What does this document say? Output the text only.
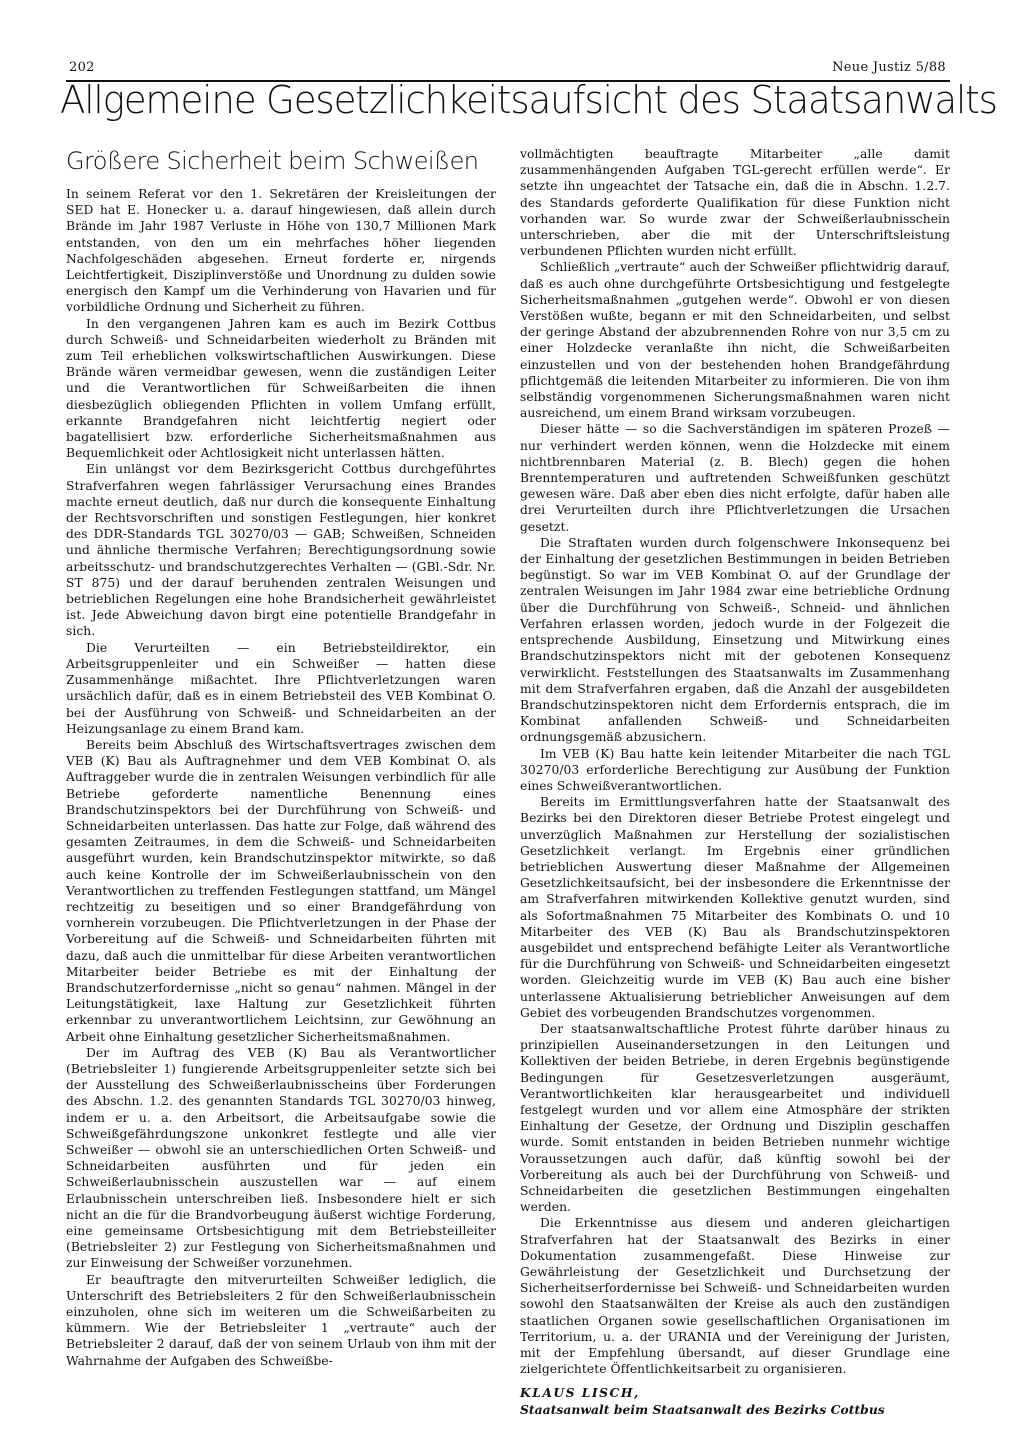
202	Neue Justiz 5/88
Allgemeine Gesetzlichkeitsaufsicht des Staatsanwalts
Größere Sicherheit beim Schweißen

In seinem Referat vor den 1. Sekretären der Kreisleitungen der SED hat E. Honecker u. a. darauf hingewiesen, daß allein durch Brände im Jahr 1987 Verluste in Höhe von 130,7 Millionen Mark entstanden, von den um ein mehrfaches höher liegenden Nachfolgeschäden abgesehen. Erneut forderte er, nirgends Leichtfertigkeit, Disziplinverstöße und Unordnung zu dulden sowie energisch den Kampf um die Verhinderung von Havarien und für vorbildliche Ordnung und Sicherheit zu führen.

In den vergangenen Jahren kam es auch im Bezirk Cottbus durch Schweiß- und Schneidarbeiten wiederholt zu Bränden mit zum Teil erheblichen volkswirtschaftlichen Auswirkungen. Diese Brände wären vermeidbar gewesen, wenn die zuständigen Leiter und die Verantwortlichen für Schweißarbeiten die ihnen diesbezüglich obliegenden Pflichten in vollem Umfang erfüllt, erkannte Brandgefahren nicht leichtfertig negiert oder bagatellisiert bzw. erforderliche Sicherheitsmaßnahmen aus Bequemlichkeit oder Achtlosigkeit nicht unterlassen hätten.

Ein unlängst vor dem Bezirksgericht Cottbus durchgeführtes Strafverfahren wegen fahrlässiger Verursachung eines Brandes machte erneut deutlich, daß nur durch die konsequente Einhaltung der Rechtsvorschriften und sonstigen Festlegungen, hier konkret des DDR-Standards TGL 30270/03 — GAB; Schweißen, Schneiden und ähnliche thermische Verfahren; Berechtigungsordnung sowie arbeitsschutz- und brandschutzgerechtes Verhalten — (GBl.-Sdr. Nr. ST 875) und der darauf beruhenden zentralen Weisungen und betrieblichen Regelungen eine hohe Brandsicherheit gewährleistet ist. Jede Abweichung davon birgt eine potentielle Brandgefahr in sich.

Die Verurteilten — ein Betriebsteildirektor, ein Arbeitsgruppenleiter und ein Schweißer — hatten diese Zusammenhänge mißachtet. Ihre Pflichtverletzungen waren ursächlich dafür, daß es in einem Betriebsteil des VEB Kombinat O. bei der Ausführung von Schweiß- und Schneidarbeiten an der Heizungsanlage zu einem Brand kam.

Bereits beim Abschluß des Wirtschaftsvertrages zwischen dem VEB (K) Bau als Auftragnehmer und dem VEB Kombinat O. als Auftraggeber wurde die in zentralen Weisungen verbindlich für alle Betriebe geforderte namentliche Benennung eines Brandschutzinspektors bei der Durchführung von Schweiß- und Schneidarbeiten unterlassen. Das hatte zur Folge, daß während des gesamten Zeitraumes, in dem die Schweiß- und Schneidarbeiten ausgeführt wurden, kein Brandschutzinspektor mitwirkte, so daß auch keine Kontrolle der im Schweißerlaubnisschein von den Verantwortlichen zu treffenden Festlegungen stattfand, um Mängel rechtzeitig zu beseitigen und so einer Brandgefährdung von vornherein vorzubeugen. Die Pflichtverletzungen in der Phase der Vorbereitung auf die Schweiß- und Schneidarbeiten führten mit dazu, daß auch die unmittelbar für diese Arbeiten verantwortlichen Mitarbeiter beider Betriebe es mit der Einhaltung der Brandschutzerfordernisse „nicht so genau“ nahmen. Mängel in der Leitungstätigkeit, laxe Haltung zur Gesetzlichkeit führten erkennbar zu unverantwortlichem Leichtsinn, zur Gewöhnung an Arbeit ohne Einhaltung gesetzlicher Sicherheitsmaßnahmen.

Der im Auftrag des VEB (K) Bau als Verantwortlicher (Betriebsleiter 1) fungierende Arbeitsgruppenleiter setzte sich bei der Ausstellung des Schweißerlaubnisscheins über Forderungen des Abschn. 1.2. des genannten Standards TGL 30270/03 hinweg, indem er u. a. den Arbeitsort, die Arbeitsaufgabe sowie die Schweißgefährdungszone unkonkret festlegte und alle vier Schweißer — obwohl sie an unterschiedlichen Orten Schweiß- und Schneidarbeiten ausführten und für jeden ein Schweißerlaubnisschein auszustellen war — auf einem Erlaubnisschein unterschreiben ließ. Insbesondere hielt er sich nicht an die für die Brandvorbeugung äußerst wichtige Forderung, eine gemeinsame Ortsbesichtigung mit dem Betriebsteilleiter (Betriebsleiter 2) zur Festlegung von Sicherheitsmaßnahmen und zur Einweisung der Schweißer vorzunehmen.

Er beauftragte den mitverurteilten Schweißer lediglich, die Unterschrift des Betriebsleiters 2 für den Schweißerlaubnisschein einzuholen, ohne sich im weiteren um die Schweißarbeiten zu kümmern. Wie der Betriebsleiter 1 „vertraute“ auch der Betriebsleiter 2 darauf, daß der von seinem Urlaub von ihm mit der Wahrnahme der Aufgaben des Schweißbe-

vollmächtigten beauftragte Mitarbeiter „alle damit zusammenhängenden Aufgaben TGL-gerecht erfüllen werde“. Er setzte ihn ungeachtet der Tatsache ein, daß die in Abschn. 1.2.7. des Standards geforderte Qualifikation für diese Funktion nicht vorhanden war. So wurde zwar der Schweißerlaubnisschein unterschrieben, aber die mit der Unterschriftsleistung verbundenen Pflichten wurden nicht erfüllt.

Schließlich „vertraute“ auch der Schweißer pflichtwidrig darauf, daß es auch ohne durchgeführte Ortsbesichtigung und festgelegte Sicherheitsmaßnahmen „gutgehen werde“. Obwohl er von diesen Verstößen wußte, begann er mit den Schneidarbeiten, und selbst der geringe Abstand der abzubrennenden Rohre von nur 3,5 cm zu einer Holzdecke veranlaßte ihn nicht, die Schweißarbeiten einzustellen und von der bestehenden hohen Brandgefährdung pflichtgemäß die leitenden Mitarbeiter zu informieren. Die von ihm selbständig vorgenommenen Sicherungsmaßnahmen waren nicht ausreichend, um einem Brand wirksam vorzubeugen.

Dieser hätte — so die Sachverständigen im späteren Prozeß — nur verhindert werden können, wenn die Holzdecke mit einem nichtbrennbaren Material (z. B. Blech) gegen die hohen Brenntemperaturen und auftretenden Schweißfunken geschützt gewesen wäre. Daß aber eben dies nicht erfolgte, dafür haben alle drei Verurteilten durch ihre Pflichtverletzungen die Ursachen gesetzt.

Die Straftaten wurden durch folgenschwere Inkonsequenz bei der Einhaltung der gesetzlichen Bestimmungen in beiden Betrieben begünstigt. So war im VEB Kombinat O. auf der Grundlage der zentralen Weisungen im Jahr 1984 zwar eine betriebliche Ordnung über die Durchführung von Schweiß-, Schneid- und ähnlichen Verfahren erlassen worden, jedoch wurde in der Folgezeit die entsprechende Ausbildung, Einsetzung und Mitwirkung eines Brandschutzinspektors nicht mit der gebotenen Konsequenz verwirklicht. Feststellungen des Staatsanwalts im Zusammenhang mit dem Strafverfahren ergaben, daß die Anzahl der ausgebildeten Brandschutzinspektoren nicht dem Erfordernis entsprach, die im Kombinat anfallenden Schweiß- und Schneidarbeiten ordnungsgemäß abzusichern.

Im VEB (K) Bau hatte kein leitender Mitarbeiter die nach TGL 30270/03 erforderliche Berechtigung zur Ausübung der Funktion eines Schweißverantwortlichen.

Bereits im Ermittlungsverfahren hatte der Staatsanwalt des Bezirks bei den Direktoren dieser Betriebe Protest eingelegt und unverzüglich Maßnahmen zur Herstellung der sozialistischen Gesetzlichkeit verlangt. Im Ergebnis einer gründlichen betrieblichen Auswertung dieser Maßnahme der Allgemeinen Gesetzlichkeitsaufsicht, bei der insbesondere die Erkenntnisse der am Strafverfahren mitwirkenden Kollektive genutzt wurden, sind als Sofortmaßnahmen 75 Mitarbeiter des Kombinats O. und 10 Mitarbeiter des VEB (K) Bau als Brandschutzinspektoren ausgebildet und entsprechend befähigte Leiter als Verantwortliche für die Durchführung von Schweiß- und Schneidarbeiten eingesetzt worden. Gleichzeitig wurde im VEB (K) Bau auch eine bisher unterlassene Aktualisierung betrieblicher Anweisungen auf dem Gebiet des vorbeugenden Brandschutzes vorgenommen.

Der staatsanwaltschaftliche Protest führte darüber hinaus zu prinzipiellen Auseinandersetzungen in den Leitungen und Kollektiven der beiden Betriebe, in deren Ergebnis begünstigende Bedingungen für Gesetzesverletzungen ausgeräumt, Verantwortlichkeiten klar herausgearbeitet und individuell festgelegt wurden und vor allem eine Atmosphäre der strikten Einhaltung der Gesetze, der Ordnung und Disziplin geschaffen wurde. Somit entstanden in beiden Betrieben nunmehr wichtige Voraussetzungen auch dafür, daß künftig sowohl bei der Vorbereitung als auch bei der Durchführung von Schweiß- und Schneidarbeiten die gesetzlichen Bestimmungen eingehalten werden.

Die Erkenntnisse aus diesem und anderen gleichartigen Strafverfahren hat der Staatsanwalt des Bezirks in einer Dokumentation zusammengefaßt. Diese Hinweise zur Gewährleistung der Gesetzlichkeit und Durchsetzung der Sicherheitserfordernisse bei Schweiß- und Schneidarbeiten wurden sowohl den Staatsanwälten der Kreise als auch den zuständigen staatlichen Organen sowie gesellschaftlichen Organisationen im Territorium, u. a. der URANIA und der Vereinigung der Juristen, mit der Empfehlung übersandt, auf dieser Grundlage eine zielgerichtete Öffentlichkeitsarbeit zu organisieren.

KLAUS LISCH,
Staatsanwalt beim Staatsanwalt des Bezirks Cottbus
